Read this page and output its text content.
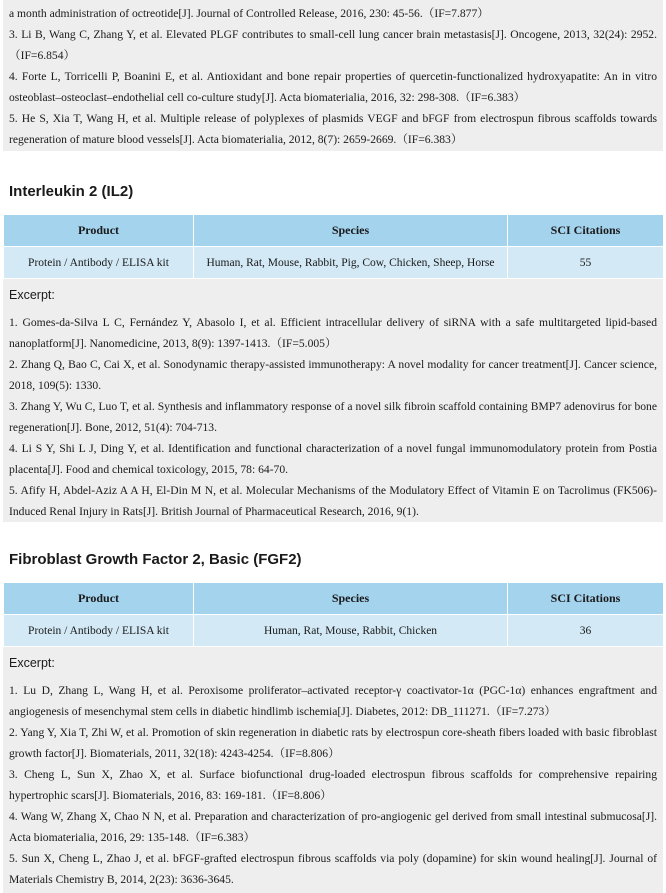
a month administration of octreotide[J]. Journal of Controlled Release, 2016, 230: 45-56.（IF=7.877）

3. Li B, Wang C, Zhang Y, et al. Elevated PLGF contributes to small-cell lung cancer brain metastasis[J]. Oncogene, 2013, 32(24): 2952.（IF=6.854）

4. Forte L, Torricelli P, Boanini E, et al. Antioxidant and bone repair properties of quercetin-functionalized hydroxyapatite: An in vitro osteoblast–osteoclast–endothelial cell co-culture study[J]. Acta biomaterialia, 2016, 32: 298-308.（IF=6.383）

5. He S, Xia T, Wang H, et al. Multiple release of polyplexes of plasmids VEGF and bFGF from electrospun fibrous scaffolds towards regeneration of mature blood vessels[J]. Acta biomaterialia, 2012, 8(7): 2659-2669.（IF=6.383）

Interleukin 2 (IL2)
Product	Species	SCI Citations
Protein / Antibody / ELISA kit	Human, Rat, Mouse, Rabbit, Pig, Cow, Chicken, Sheep, Horse	55
Excerpt:

1. Gomes-da-Silva L C, Fernández Y, Abasolo I, et al. Efficient intracellular delivery of siRNA with a safe multitargeted lipid-based nanoplatform[J]. Nanomedicine, 2013, 8(9): 1397-1413.（IF=5.005）

2. Zhang Q, Bao C, Cai X, et al. Sonodynamic therapy-assisted immunotherapy: A novel modality for cancer treatment[J]. Cancer science, 2018, 109(5): 1330.

3. Zhang Y, Wu C, Luo T, et al. Synthesis and inflammatory response of a novel silk fibroin scaffold containing BMP7 adenovirus for bone regeneration[J]. Bone, 2012, 51(4): 704-713.

4. Li S Y, Shi L J, Ding Y, et al. Identification and functional characterization of a novel fungal immunomodulatory protein from Postia placenta[J]. Food and chemical toxicology, 2015, 78: 64-70.

5. Afify H, Abdel-Aziz A A H, El-Din M N, et al. Molecular Mechanisms of the Modulatory Effect of Vitamin E on Tacrolimus (FK506)-Induced Renal Injury in Rats[J]. British Journal of Pharmaceutical Research, 2016, 9(1).

Fibroblast Growth Factor 2, Basic (FGF2)
Product	Species	SCI Citations
Protein / Antibody / ELISA kit	Human, Rat, Mouse, Rabbit, Chicken	36
Excerpt:

1. Lu D, Zhang L, Wang H, et al. Peroxisome proliferator–activated receptor-γ coactivator-1α (PGC-1α) enhances engraftment and angiogenesis of mesenchymal stem cells in diabetic hindlimb ischemia[J]. Diabetes, 2012: DB_111271.（IF=7.273）

2. Yang Y, Xia T, Zhi W, et al. Promotion of skin regeneration in diabetic rats by electrospun core-sheath fibers loaded with basic fibroblast growth factor[J]. Biomaterials, 2011, 32(18): 4243-4254.（IF=8.806）

3. Cheng L, Sun X, Zhao X, et al. Surface biofunctional drug-loaded electrospun fibrous scaffolds for comprehensive repairing hypertrophic scars[J]. Biomaterials, 2016, 83: 169-181.（IF=8.806）

4. Wang W, Zhang X, Chao N N, et al. Preparation and characterization of pro-angiogenic gel derived from small intestinal submucosa[J]. Acta biomaterialia, 2016, 29: 135-148.（IF=6.383）

5. Sun X, Cheng L, Zhao J, et al. bFGF-grafted electrospun fibrous scaffolds via poly (dopamine) for skin wound healing[J]. Journal of Materials Chemistry B, 2014, 2(23): 3636-3645.
